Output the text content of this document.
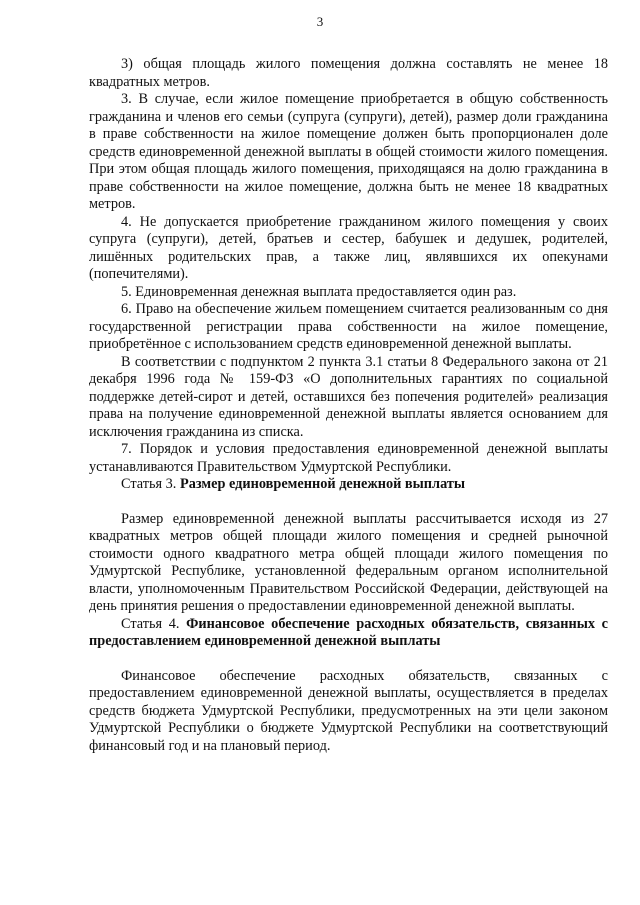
3

3) общая площадь жилого помещения должна составлять не менее 18 квадратных метров.

3. В случае, если жилое помещение приобретается в общую собственность гражданина и членов его семьи (супруга (супруги), детей), размер доли гражданина в праве собственности на жилое помещение должен быть пропорционален доле средств единовременной денежной выплаты в общей стоимости жилого помещения. При этом общая площадь жилого помещения, приходящаяся на долю гражданина в праве собственности на жилое помещение, должна быть не менее 18 квадратных метров.

4. Не допускается приобретение гражданином жилого помещения у своих супруга (супруги), детей, братьев и сестер, бабушек и дедушек, родителей, лишённых родительских прав, а также лиц, являвшихся их опекунами (попечителями).

5. Единовременная денежная выплата предоставляется один раз.

6. Право на обеспечение жильем помещением считается реализованным со дня государственной регистрации права собственности на жилое помещение, приобретённое с использованием средств единовременной денежной выплаты.

В соответствии с подпунктом 2 пункта 3.1 статьи 8 Федерального закона от 21 декабря 1996 года № 159-ФЗ «О дополнительных гарантиях по социальной поддержке детей-сирот и детей, оставшихся без попечения родителей» реализация права на получение единовременной денежной выплаты является основанием для исключения гражданина из списка.

7. Порядок и условия предоставления единовременной денежной выплаты устанавливаются Правительством Удмуртской Республики.

Статья 3. Размер единовременной денежной выплаты

Размер единовременной денежной выплаты рассчитывается исходя из 27 квадратных метров общей площади жилого помещения и средней рыночной стоимости одного квадратного метра общей площади жилого помещения по Удмуртской Республике, установленной федеральным органом исполнительной власти, уполномоченным Правительством Российской Федерации, действующей на день принятия решения о предоставлении единовременной денежной выплаты.

Статья 4. Финансовое обеспечение расходных обязательств, связанных с предоставлением единовременной денежной выплаты

Финансовое обеспечение расходных обязательств, связанных с предоставлением единовременной денежной выплаты, осуществляется в пределах средств бюджета Удмуртской Республики, предусмотренных на эти цели законом Удмуртской Республики о бюджете Удмуртской Республики на соответствующий финансовый год и на плановый период.
